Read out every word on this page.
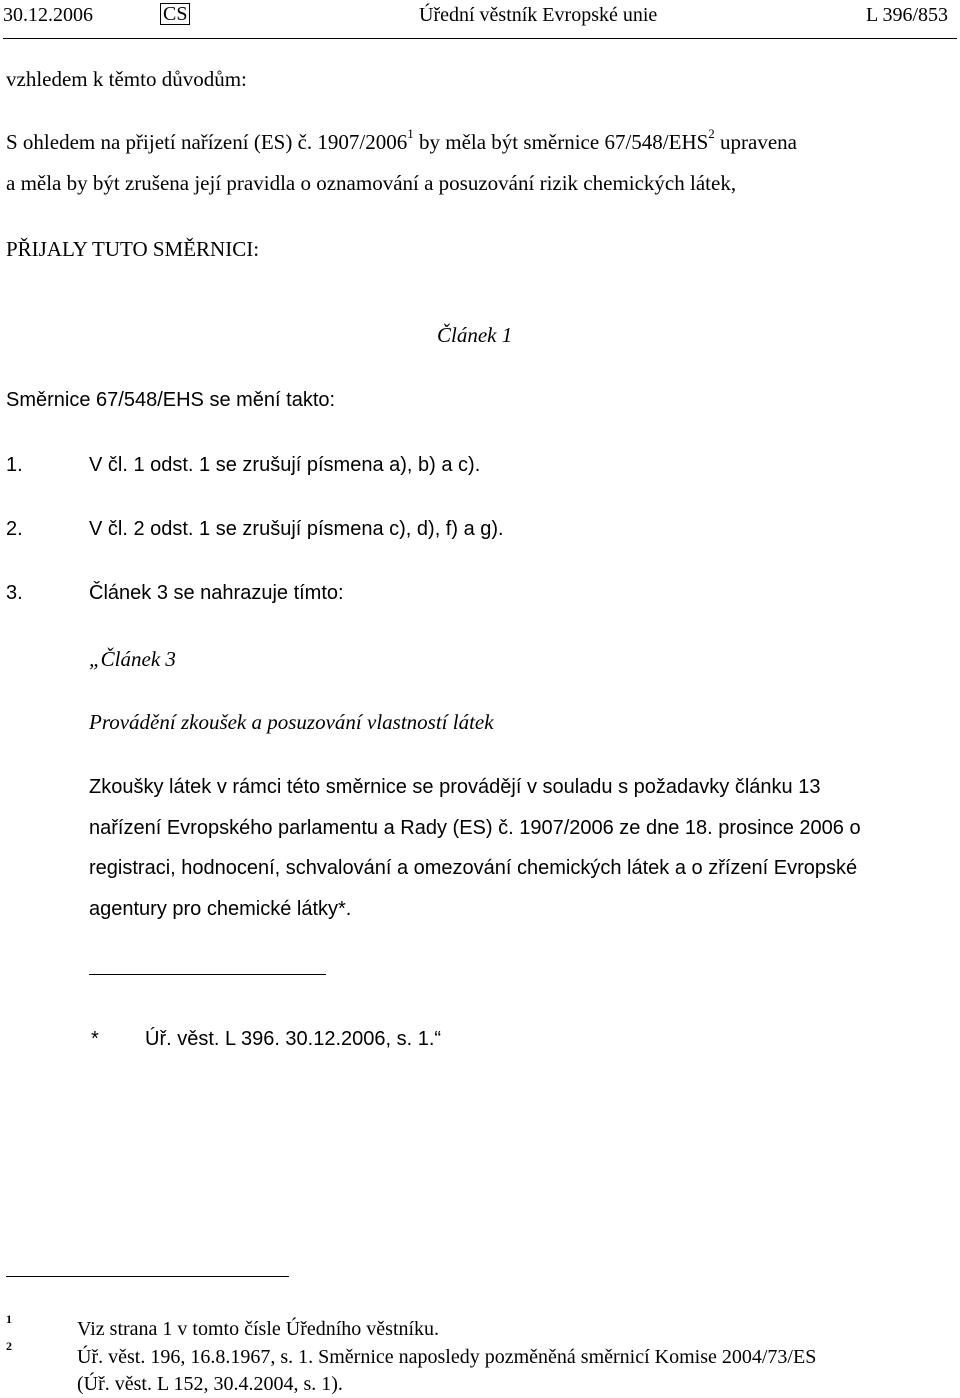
30.12.2006	CS	Úřední věstník Evropské unie	L 396/853
vzhledem k těmto důvodům:
S ohledem na přijetí nařízení (ES) č. 1907/2006$^1$ by měla být směrnice 67/548/EHS$^2$ upravena
a měla by být zrušena její pravidla o oznamování a posuzování rizik chemických látek,
PŘIJALY TUTO SMĚRNICI:
Článek 1
Směrnice 67/548/EHS se mění takto:
1.	V čl. 1 odst. 1 se zrušují písmena a), b) a c).
2.	V čl. 2 odst. 1 se zrušují písmena c), d), f) a g).
3.	Článek 3 se nahrazuje tímto:
„Článek 3
Provádění zkoušek a posuzování vlastností látek
Zkoušky látek v rámci této směrnice se provádějí v souladu s požadavky článku 13
nařízení Evropského parlamentu a Rady (ES) č. 1907/2006 ze dne 18. prosince 2006 o
registraci, hodnocení, schvalování a omezování chemických látek a o zřízení Evropské
agentury pro chemické látky*.
* Úř. věst. L 396. 30.12.2006, s. 1.“
1	Viz strana 1 v tomto čísle Úředního věstníku.
2	Úř. věst. 196, 16.8.1967, s. 1. Směrnice naposledy pozměněná směrnicí Komise 2004/73/ES
(Úř. věst. L 152, 30.4.2004, s. 1).
